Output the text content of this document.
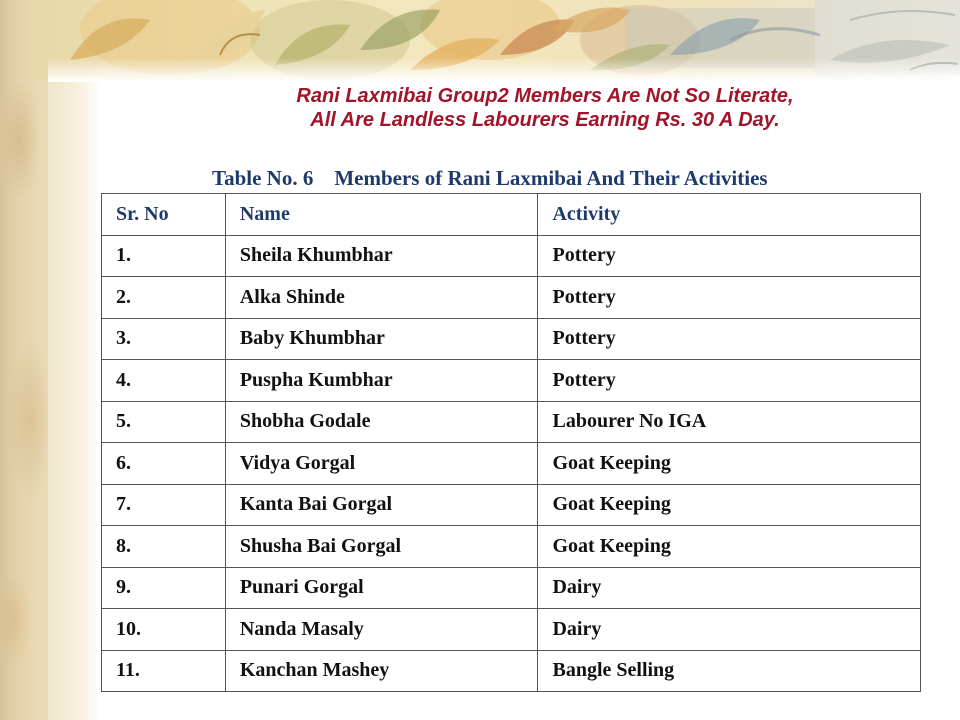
Rani Laxmibai Group2 Members Are Not So Literate,
All Are Landless Labourers Earning Rs. 30 A Day.
Table No. 6    Members of Rani Laxmibai And Their Activities
Sr. No	Name	Activity
1.	Sheila Khumbhar	Pottery
2.	Alka Shinde	Pottery
3.	Baby Khumbhar	Pottery
4.	Puspha Kumbhar	Pottery
5.	Shobha Godale	Labourer No IGA
6.	Vidya Gorgal	Goat Keeping
7.	Kanta Bai Gorgal	Goat Keeping
8.	Shusha Bai Gorgal	Goat Keeping
9.	Punari Gorgal	Dairy
10.	Nanda Masaly	Dairy
11.	Kanchan Mashey	Bangle Selling
